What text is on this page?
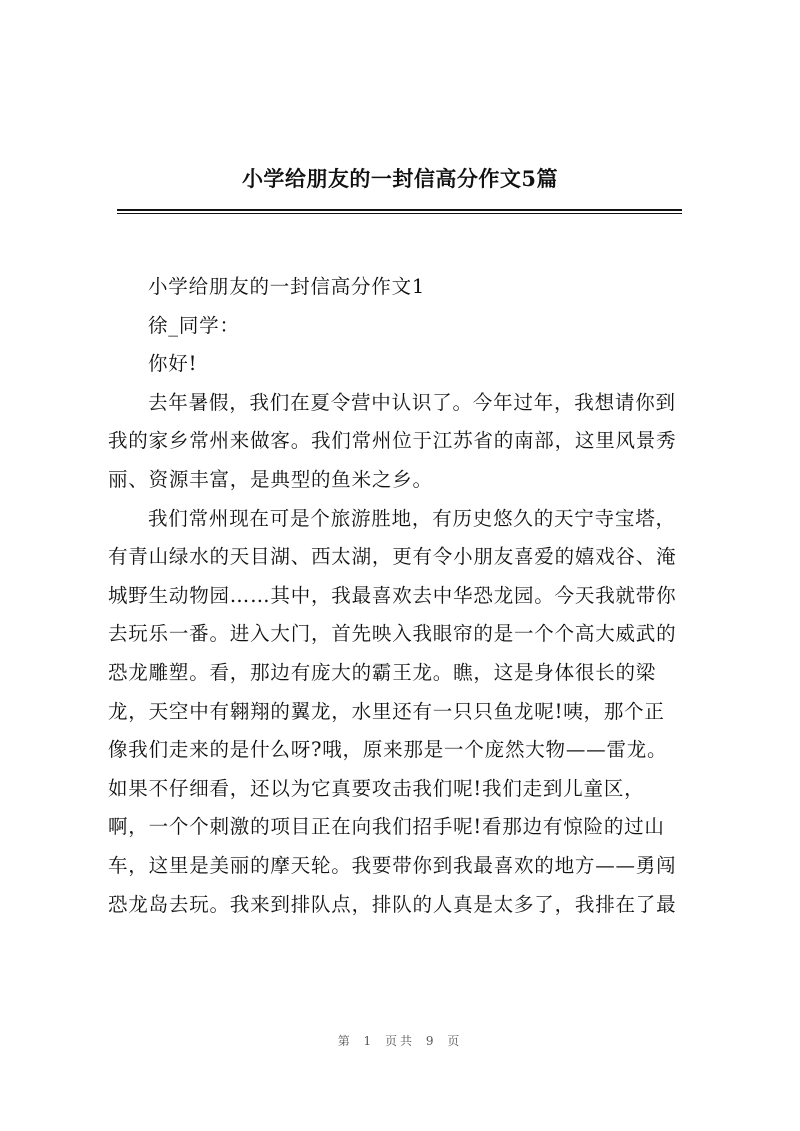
小学给朋友的一封信高分作文5篇

小学给朋友的一封信高分作文1

徐_同学：

你好!

去年暑假，我们在夏令营中认识了。今年过年，我想请你到
我的家乡常州来做客。我们常州位于江苏省的南部，这里风景秀
丽、资源丰富，是典型的鱼米之乡。

我们常州现在可是个旅游胜地，有历史悠久的天宁寺宝塔，
有青山绿水的天目湖、西太湖，更有令小朋友喜爱的嬉戏谷、淹
城野生动物园……其中，我最喜欢去中华恐龙园。今天我就带你
去玩乐一番。进入大门，首先映入我眼帘的是一个个高大威武的
恐龙雕塑。看，那边有庞大的霸王龙。瞧，这是身体很长的梁
龙，天空中有翱翔的翼龙，水里还有一只只鱼龙呢!咦，那个正
像我们走来的是什么呀?哦，原来那是一个庞然大物——雷龙。
如果不仔细看，还以为它真要攻击我们呢!我们走到儿童区，
啊，一个个刺激的项目正在向我们招手呢!看那边有惊险的过山
车，这里是美丽的摩天轮。我要带你到我最喜欢的地方——勇闯
恐龙岛去玩。我来到排队点，排队的人真是太多了，我排在了最

第 1 页共 9 页
